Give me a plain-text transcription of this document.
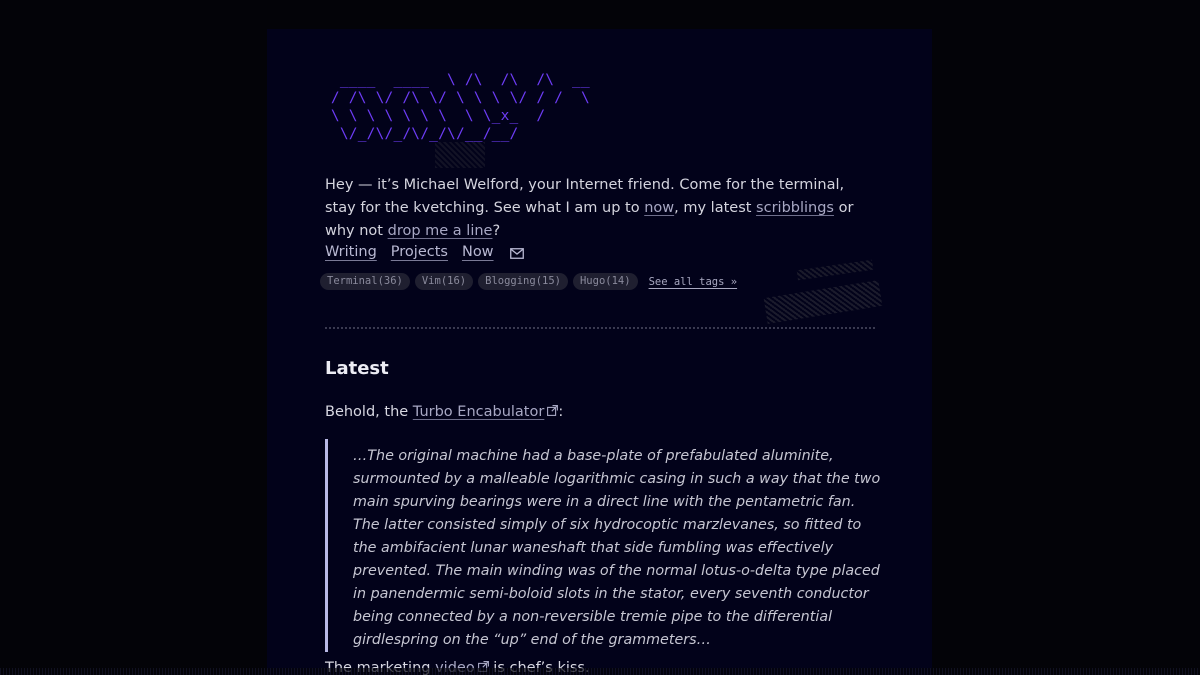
____  ____  \ /\  /\  /\  __
/ /\ \/ /\ \/ \ \ \ \/ / /  \
\ \ \ \ \ \ \  \ \_x_  /
\/_/\/_/\/_/\/__/__/

Hey — it’s Michael Welford, your Internet friend. Come for the terminal, stay for the kvetching. See what I am up to now, my latest scribblings or why not drop me a line?

Writing Projects Now
Terminal(36)	Vim(16)	Blogging(15)	Hugo(14)	See all tags »
Latest

Behold, the Turbo Encabulator :

…The original machine had a base-plate of prefabulated aluminite, surmounted by a malleable logarithmic casing in such a way that the two main spurving bearings were in a direct line with the pentametric fan. The latter consisted simply of six hydrocoptic marzlevanes, so fitted to the ambifacient lunar waneshaft that side fumbling was effectively prevented. The main winding was of the normal lotus-o-delta type placed in panendermic semi-boloid slots in the stator, every seventh conductor being connected by a non-reversible tremie pipe to the differential girdlespring on the “up” end of the grammeters…
